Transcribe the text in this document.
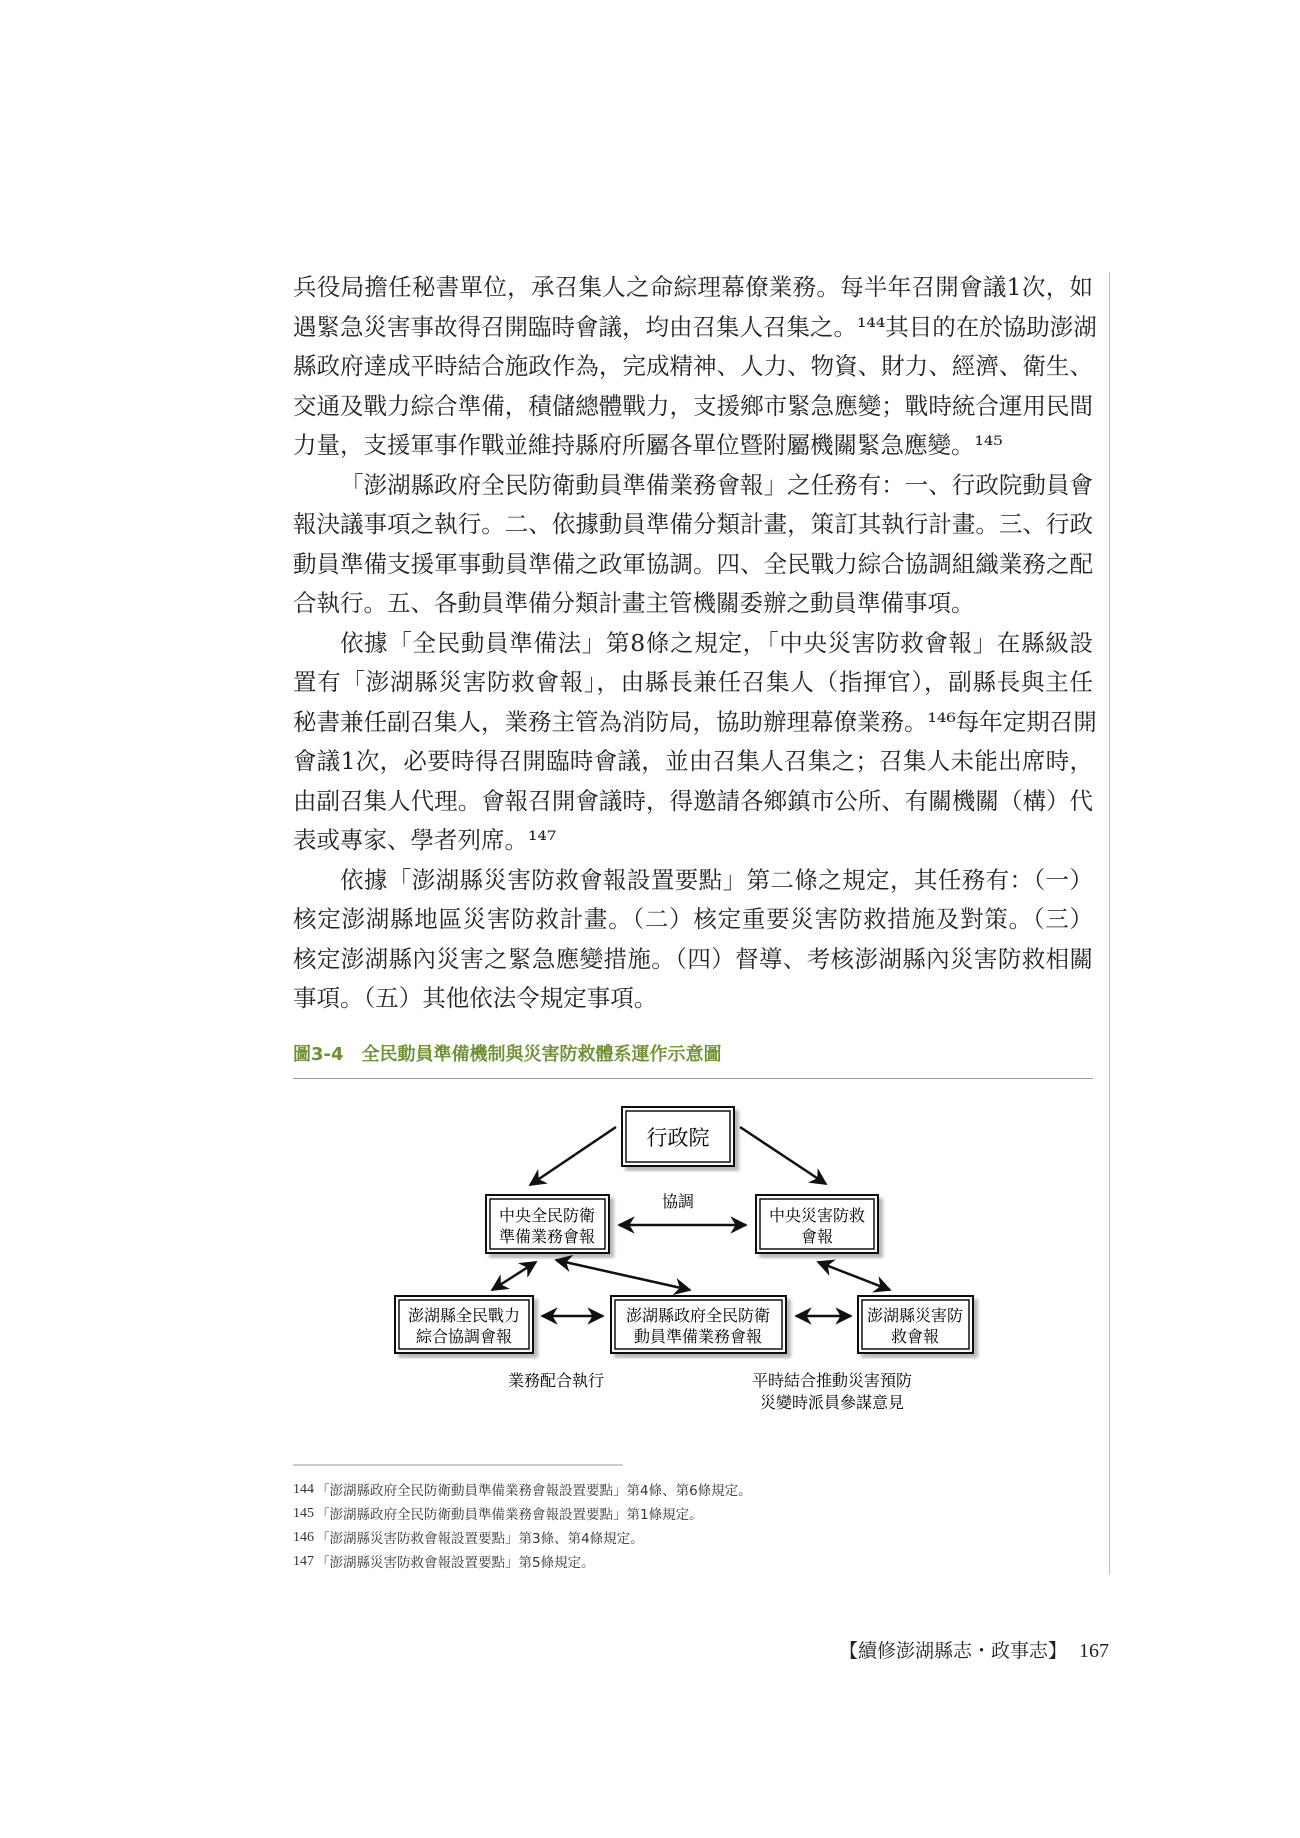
兵役局擔任秘書單位，承召集人之命綜理幕僚業務。每半年召開會議1次，如
遇緊急災害事故得召開臨時會議，均由召集人召集之。¹⁴⁴其目的在於協助澎湖
縣政府達成平時結合施政作為，完成精神、人力、物資、財力、經濟、衛生、
交通及戰力綜合準備，積儲總體戰力，支援鄉市緊急應變；戰時統合運用民間
力量，支援軍事作戰並維持縣府所屬各單位暨附屬機關緊急應變。¹⁴⁵
「澎湖縣政府全民防衛動員準備業務會報」之任務有：一、行政院動員會
報決議事項之執行。二、依據動員準備分類計畫，策訂其執行計畫。三、行政
動員準備支援軍事動員準備之政軍協調。四、全民戰力綜合協調組織業務之配
合執行。五、各動員準備分類計畫主管機關委辦之動員準備事項。
依據「全民動員準備法」第8條之規定，「中央災害防救會報」在縣級設
置有「澎湖縣災害防救會報」，由縣長兼任召集人（指揮官），副縣長與主任
秘書兼任副召集人，業務主管為消防局，協助辦理幕僚業務。¹⁴⁶每年定期召開
會議1次，必要時得召開臨時會議，並由召集人召集之；召集人未能出席時，
由副召集人代理。會報召開會議時，得邀請各鄉鎮市公所、有關機關（構）代
表或專家、學者列席。¹⁴⁷
依據「澎湖縣災害防救會報設置要點」第二條之規定，其任務有：（一）
核定澎湖縣地區災害防救計畫。（二）核定重要災害防救措施及對策。（三）
核定澎湖縣內災害之緊急應變措施。（四）督導、考核澎湖縣內災害防救相關
事項。（五）其他依法令規定事項。
圖3-4 全民動員準備機制與災害防救體系運作示意圖
行政院
中央全民防衛
準備業務會報
中央災害防救
會報
澎湖縣全民戰力
綜合協調會報
澎湖縣政府全民防衛
動員準備業務會報
澎湖縣災害防
救會報
協調
業務配合執行	平時結合推動災害預防
災變時派員參謀意見
144 「澎湖縣政府全民防衛動員準備業務會報設置要點」第4條、第6條規定。
145 「澎湖縣政府全民防衛動員準備業務會報設置要點」第1條規定。
146 「澎湖縣災害防救會報設置要點」第3條、第4條規定。
147 「澎湖縣災害防救會報設置要點」第5條規定。
【續修澎湖縣志・政事志】 167
